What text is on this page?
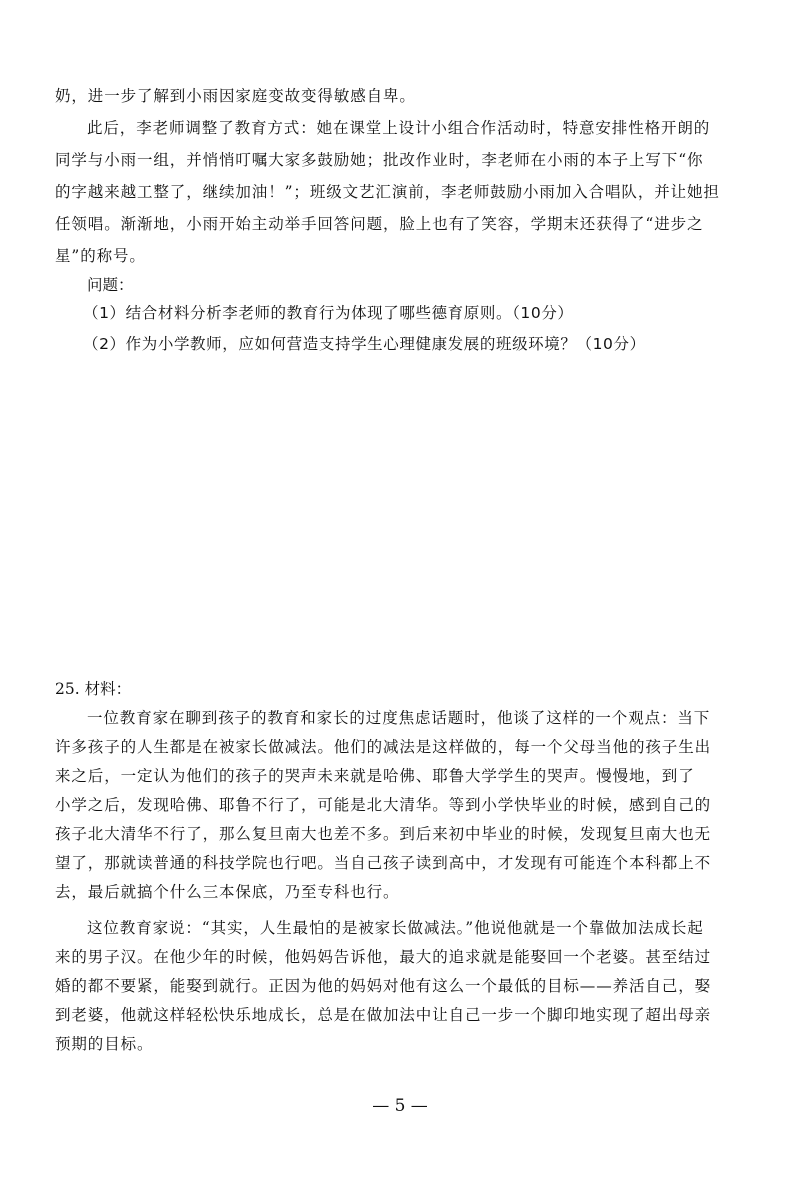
奶，进一步了解到小雨因家庭变故变得敏感自卑。
此后，李老师调整了教育方式：她在课堂上设计小组合作活动时，特意安排性格开朗的
同学与小雨一组，并悄悄叮嘱大家多鼓励她；批改作业时，李老师在小雨的本子上写下“你
的字越来越工整了，继续加油！”；班级文艺汇演前，李老师鼓励小雨加入合唱队，并让她担
任领唱。渐渐地，小雨开始主动举手回答问题，脸上也有了笑容，学期末还获得了“进步之
星”的称号。
问题：
（1）结合材料分析李老师的教育行为体现了哪些德育原则。（10分）
（2）作为小学教师，应如何营造支持学生心理健康发展的班级环境？（10分）
25. 材料：
一位教育家在聊到孩子的教育和家长的过度焦虑话题时，他谈了这样的一个观点：当下
许多孩子的人生都是在被家长做减法。他们的减法是这样做的，每一个父母当他的孩子生出
来之后，一定认为他们的孩子的哭声未来就是哈佛、耶鲁大学学生的哭声。慢慢地，到了
小学之后，发现哈佛、耶鲁不行了，可能是北大清华。等到小学快毕业的时候，感到自己的
孩子北大清华不行了，那么复旦南大也差不多。到后来初中毕业的时候，发现复旦南大也无
望了，那就读普通的科技学院也行吧。当自己孩子读到高中，才发现有可能连个本科都上不
去，最后就搞个什么三本保底，乃至专科也行。
这位教育家说：“其实，人生最怕的是被家长做减法。”他说他就是一个靠做加法成长起
来的男子汉。在他少年的时候，他妈妈告诉他，最大的追求就是能娶回一个老婆。甚至结过
婚的都不要紧，能娶到就行。正因为他的妈妈对他有这么一个最低的目标——养活自己，娶
到老婆，他就这样轻松快乐地成长，总是在做加法中让自己一步一个脚印地实现了超出母亲
预期的目标。
— 5 —
